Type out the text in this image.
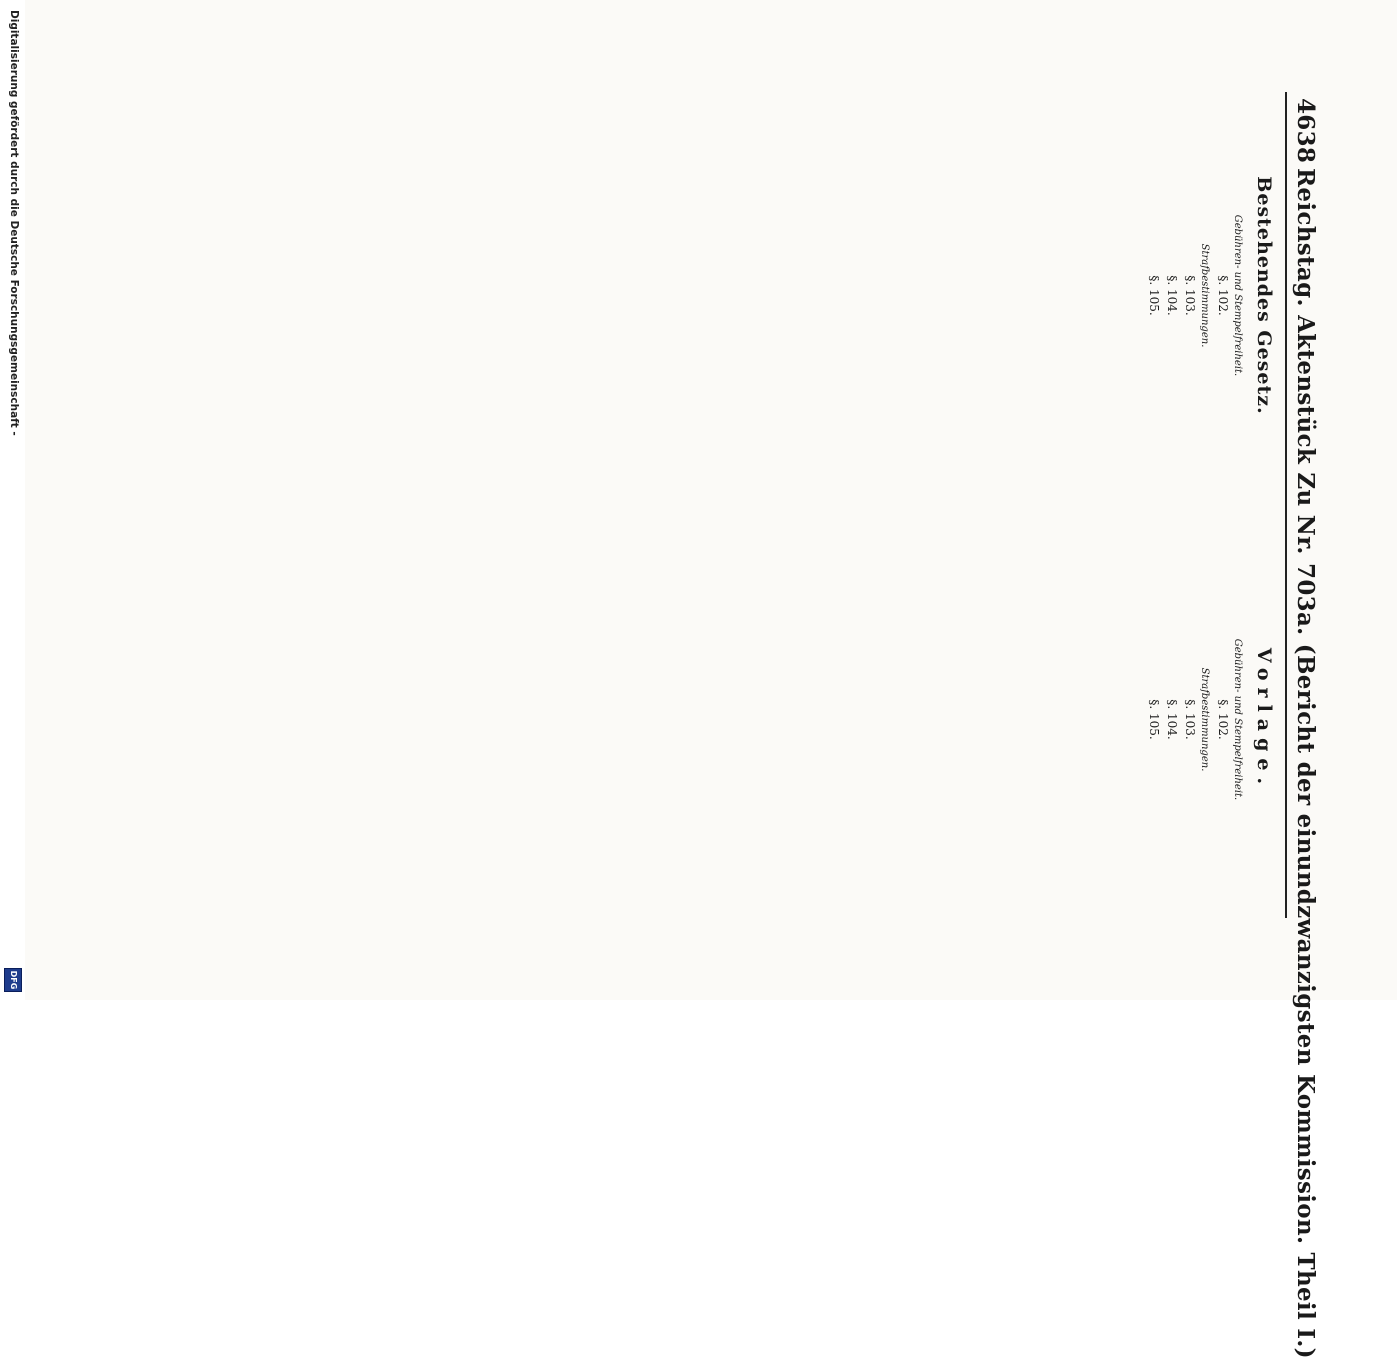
4638
Reichstag. Aktenstück Zu Nr. 703a. (Bericht der einundzwanzigsten Kommission. Theil I.)
Bestehendes Gesetz.
Gebühren- und Stempelfreiheit.
§. 102.
Strafbestimmungen.
§. 103.
§. 104.
§. 105.
Vorlage.
Gebühren- und Stempelfreiheit.
§. 102.
Strafbestimmungen.
§. 103.
§. 104.
§. 105.
Digitalisierung gefördert durch die Deutsche Forschungsgemeinschaft -
DFG
